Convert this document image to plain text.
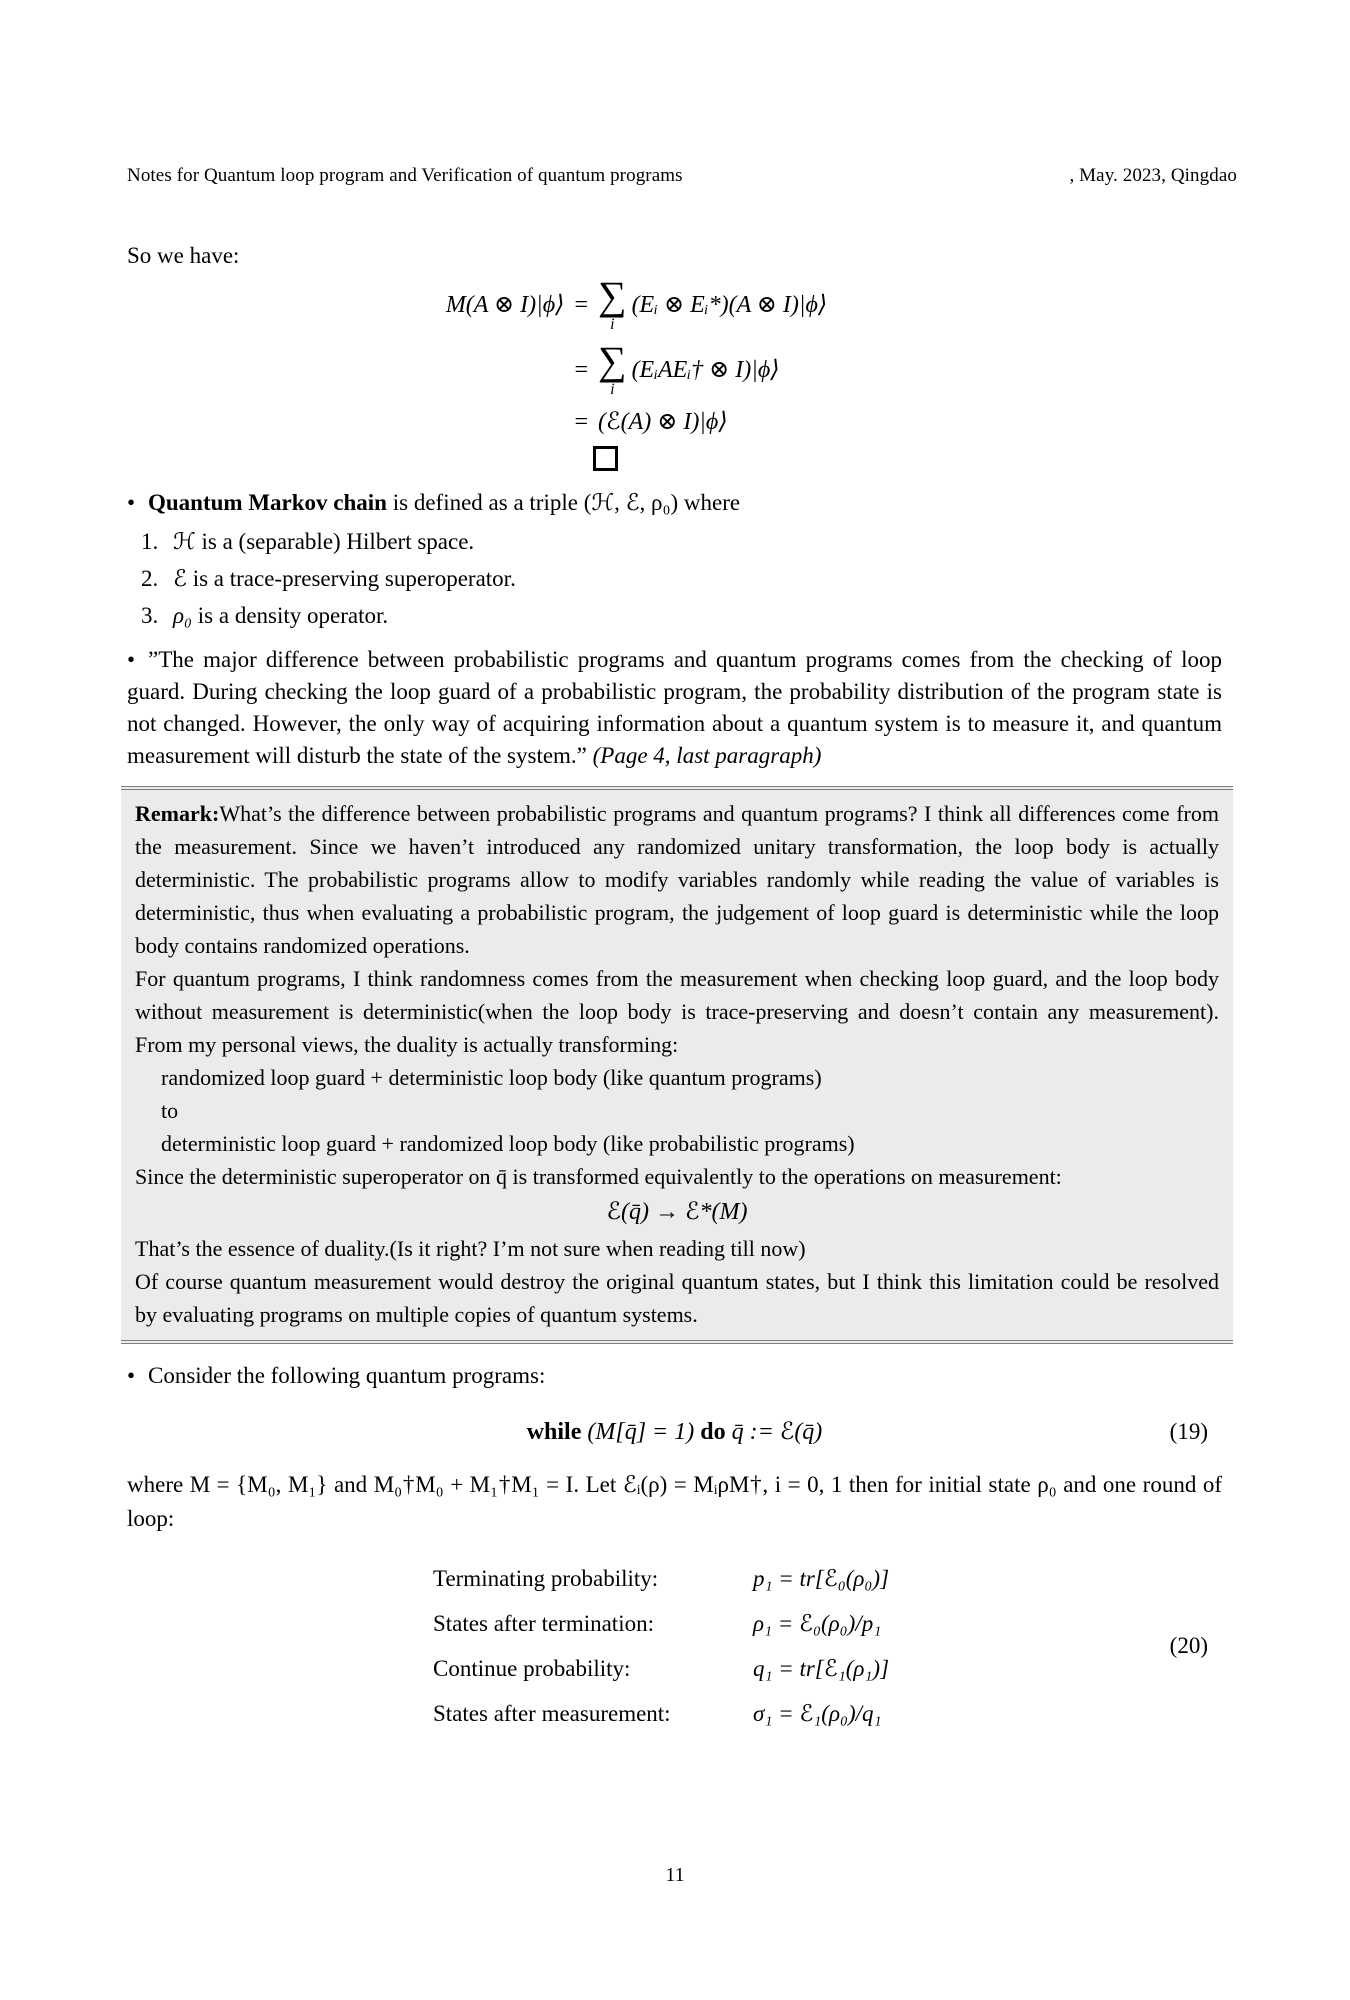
Notes for Quantum loop program and Verification of quantum programs	, May. 2023, Qingdao

So we have:

M(A ⊗ I)|ϕ⟩ = ∑
i
(Eᵢ ⊗ Eᵢ*)(A ⊗ I)|ϕ⟩
= ∑
i
(EᵢAEᵢ† ⊗ I)|ϕ⟩
= (ℰ(A) ⊗ I)|ϕ⟩

• Quantum Markov chain is defined as a triple (ℋ, ℰ, ρ₀) where

1. ℋ is a (separable) Hilbert space.
2. ℰ is a trace-preserving superoperator.
3. ρ₀ is a density operator.

• ”The major difference between probabilistic programs and quantum programs comes from the checking of loop guard. During checking the loop guard of a probabilistic program, the probability distribution of the program state is not changed. However, the only way of acquiring information about a quantum system is to measure it, and quantum measurement will disturb the state of the system.” (Page 4, last paragraph)

Remark:What’s the difference between probabilistic programs and quantum programs? I think all differences come from the measurement. Since we haven’t introduced any randomized unitary transformation, the loop body is actually deterministic. The probabilistic programs allow to modify variables randomly while reading the value of variables is deterministic, thus when evaluating a probabilistic program, the judgement of loop guard is deterministic while the loop body contains randomized operations.

For quantum programs, I think randomness comes from the measurement when checking loop guard, and the loop body without measurement is deterministic(when the loop body is trace-preserving and doesn’t contain any measurement). From my personal views, the duality is actually transforming:

randomized loop guard + deterministic loop body (like quantum programs)

to

deterministic loop guard + randomized loop body (like probabilistic programs)

Since the deterministic superoperator on q̄ is transformed equivalently to the operations on measurement:

ℰ(q̄) → ℰ*(M)

That’s the essence of duality.(Is it right? I’m not sure when reading till now)

Of course quantum measurement would destroy the original quantum states, but I think this limitation could be resolved by evaluating programs on multiple copies of quantum systems.

• Consider the following quantum programs:

while (M[q̄] = 1) do q̄ := ℰ(q̄)	(19)

where M = {M₀, M₁} and M₀†M₀ + M₁†M₁ = I. Let ℰᵢ(ρ) = MᵢρM†, i = 0, 1 then for initial state ρ₀ and one round of loop:

Terminating probability:	p₁ = tr[ℰ₀(ρ₀)]
States after termination:	ρ₁ = ℰ₀(ρ₀)/p₁
Continue probability:	q₁ = tr[ℰ₁(ρ₁)]
States after measurement:	σ₁ = ℰ₁(ρ₀)/q₁
(20)
11
